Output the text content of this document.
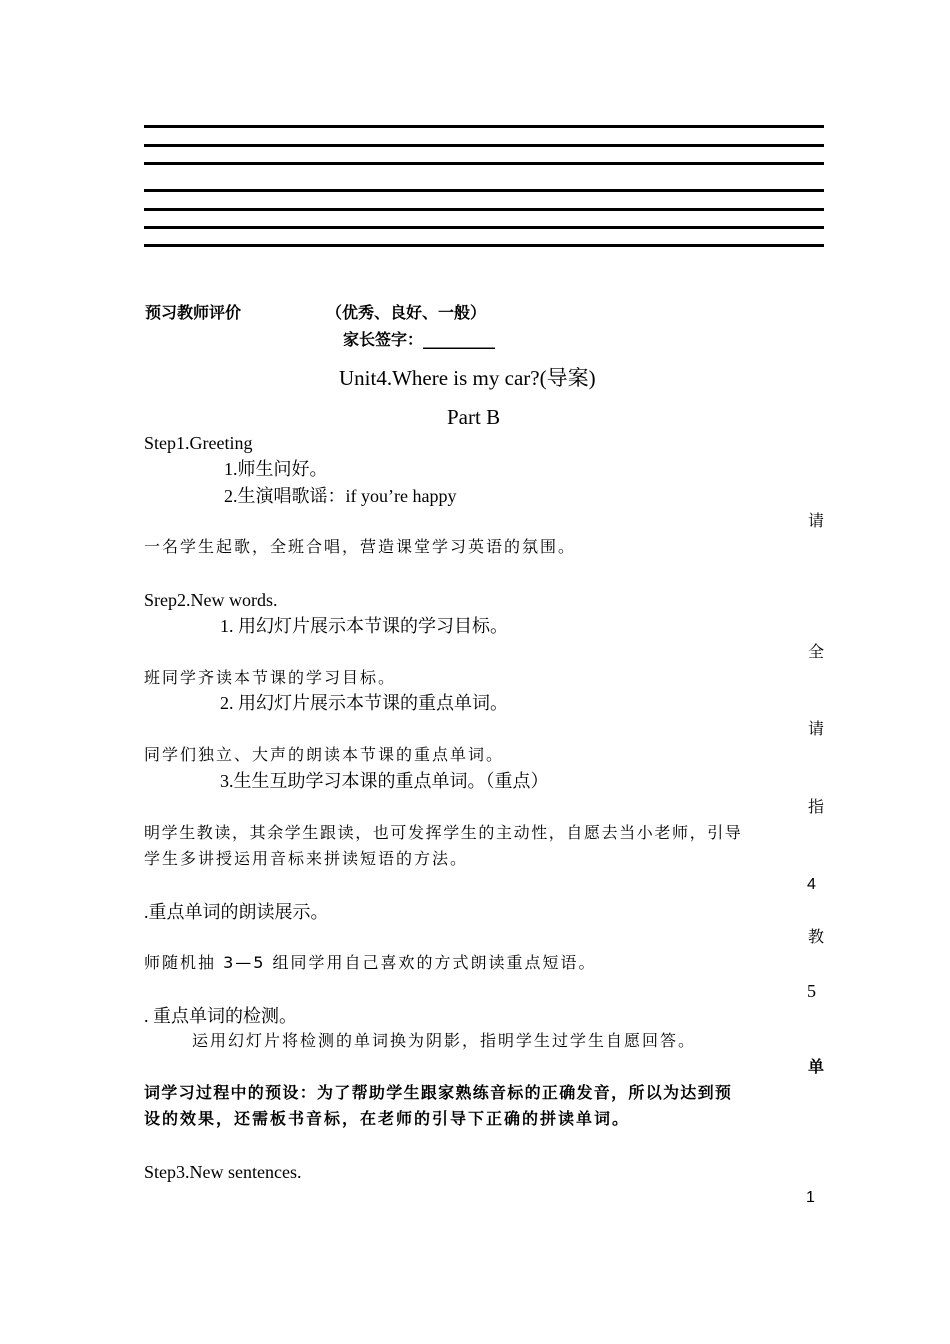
预习教师评价	（优秀、良好、一般）
家长签字：_________
Unit4.Where is my car?(导案)
Part B
Step1.Greeting
1.师生问好。
2.生演唱歌谣：if you’re happy
请
一名学生起歌，全班合唱，营造课堂学习英语的氛围。
Srep2.New words.
1. 用幻灯片展示本节课的学习目标。
全
班同学齐读本节课的学习目标。
2. 用幻灯片展示本节课的重点单词。
请
同学们独立、大声的朗读本节课的重点单词。
3.生生互助学习本课的重点单词。（重点）
指
明学生教读，其余学生跟读，也可发挥学生的主动性，自愿去当小老师，引导
学生多讲授运用音标来拼读短语的方法。
4
.重点单词的朗读展示。
教
师随机抽 3—5 组同学用自己喜欢的方式朗读重点短语。
5
. 重点单词的检测。
运用幻灯片将检测的单词换为阴影，指明学生过学生自愿回答。
单
词学习过程中的预设：为了帮助学生跟家熟练音标的正确发音，所以为达到预
设的效果，还需板书音标，在老师的引导下正确的拼读单词。
Step3.New sentences.
1
